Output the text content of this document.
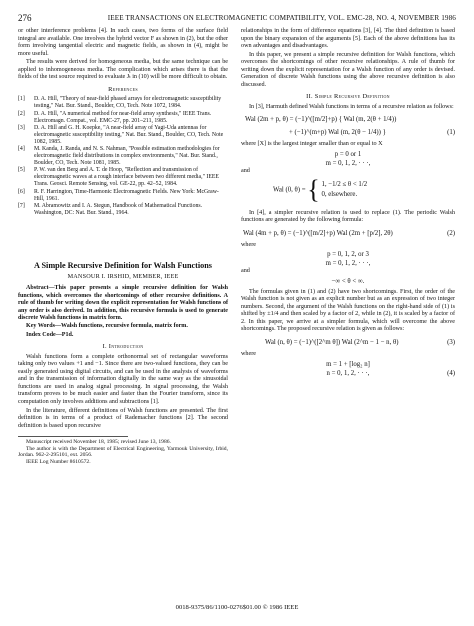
276	IEEE TRANSACTIONS ON ELECTROMAGNETIC COMPATIBILITY, VOL. EMC-28, NO. 4, NOVEMBER 1986

or other interference problems [4]. In such cases, two forms of the surface field integral are available. One involves the hybrid vector F as shown in (2), but the other form involving tangential electric and magnetic fields, as shown in (4), might be more useful.

The results were derived for homogeneous media, but the same technique can be applied to inhomogeneous media. The complication which arises there is that the fields of the test source required to evaluate Jₜ in (10) will be more difficult to obtain.

References
[1] D. A. Hill, "Theory of near-field phased arrays for electromagnetic susceptibility testing," Nat. Bur. Stand., Boulder, CO, Tech. Note 1072, 1984.
[2] D. A. Hill, "A numerical method for near-field array synthesis," IEEE Trans. Electromagn. Compat., vol. EMC-27, pp. 201–211, 1985.
[3] D. A. Hill and G. H. Koepke, "A near-field array of Yagi-Uda antennas for electromagnetic susceptibility testing," Nat. Bur. Stand., Boulder, CO, Tech. Note 1082, 1985.
[4] M. Kanda, J. Randa, and N. S. Nahman, "Possible estimation methodologies for electromagnetic field distributions in complex environments," Nat. Bur. Stand., Boulder, CO, Tech. Note 1081, 1985.
[5] P. W. van den Berg and A. T. de Hoop, "Reflection and transmission of electromagnetic waves at a rough interface between two different media," IEEE Trans. Geosci. Remote Sensing, vol. GE-22, pp. 42–52, 1984.
[6] R. F. Harrington, Time-Harmonic Electromagnetic Fields. New York: McGraw-Hill, 1961.
[7] M. Abramowitz and I. A. Stegun, Handbook of Mathematical Functions. Washington, DC: Nat. Bur. Stand., 1964.
A Simple Recursive Definition for Walsh Functions
MANSOUR I. IRSHID, MEMBER, IEEE

Abstract—This paper presents a simple recursive definition for Walsh functions, which overcomes the shortcomings of other recursive definitions. A rule of thumb for writing down the explicit representation for Walsh functions of any order is also derived. In addition, this recursive formula is used to generate discrete Walsh functions in matrix form.

Key Words—Walsh functions, recursive formula, matrix form.

Index Code—P1d.

I. Introduction

Walsh functions form a complete orthonormal set of rectangular waveforms taking only two values +1 and −1. Since there are two-valued functions, they can be easily generated using digital circuits, and can be used in the analysis of waveforms and in the transmission of information digitally in the same way as the sinusoidal functions are used in analog signal processing. In signal processing, the Walsh transform proves to be much easier and faster than the Fourier transform, since its computation only involves additions and subtractions [1].

In the literature, different definitions of Walsh functions are presented. The first definition is in terms of a product of Rademacher functions [2]. The second definition is based upon recursive

Manuscript received November 18, 1985; revised June 13, 1986.
The author is with the Department of Electrical Engineering, Yarmouk University, Irbid, Jordan. 962-2-295101, ext. 2056.
IEEE Log Number 8610572.

relationships in the form of difference equations [3], [4]. The third definition is based upon the binary expansion of the arguments [5]. Each of the above definitions has its own advantages and disadvantages.

In this paper, we present a simple recursive definition for Walsh functions, which overcomes the shortcomings of other recursive relationships. A rule of thumb for writing down the explicit representation for a Walsh function of any order is devised. Generation of discrete Walsh functions using the above recursive definition is also discussed.

II. Simple Recursive Definition

In [3], Harmuth defined Walsh functions in terms of a recursive relation as follows:

Wal (2m + p, θ) = (−1)^([m/2]+p) { Wal (m, 2(θ + 1/4))
+ (−1)^(m+p) Wal (m, 2(θ − 1/4)) }	(1)

where [X] is the largest integer smaller than or equal to X

p = 0 or 1
m = 0, 1, 2, · · ·,

and

Wal (0, θ) = { 1, −1/2 ≤ θ < 1/2
0, elsewhere.

In [4], a simpler recursive relation is used to replace (1). The periodic Walsh functions are generated by the following formula:

Wal (4m + p, θ) = (−1)^([m/2]+p) Wal (2m + [p/2], 2θ)	(2)

where

p = 0, 1, 2, or 3
m = 0, 1, 2, · · ·,

and

−∞ < θ < ∞.

The formulas given in (1) and (2) have two shortcomings. First, the order of the Walsh function is not given as an explicit number but as an expression of two integer numbers. Second, the argument of the Walsh functions on the right-hand side of (1) is shifted by ±1/4 and then scaled by a factor of 2, while in (2), it is scaled by a factor of 2. In this paper, we arrive at a simpler formula, which will overcome the above shortcomings. The proposed recursive relation is given as follows:

Wal (n, θ) = (−1)^([2^m θ]) Wal (2^m − 1 − n, θ)	(3)

where

m = 1 + [log₂ n]
n = 0, 1, 2, · · ·,	(4)
0018-9375/86/1100-0276$01.00 © 1986 IEEE
